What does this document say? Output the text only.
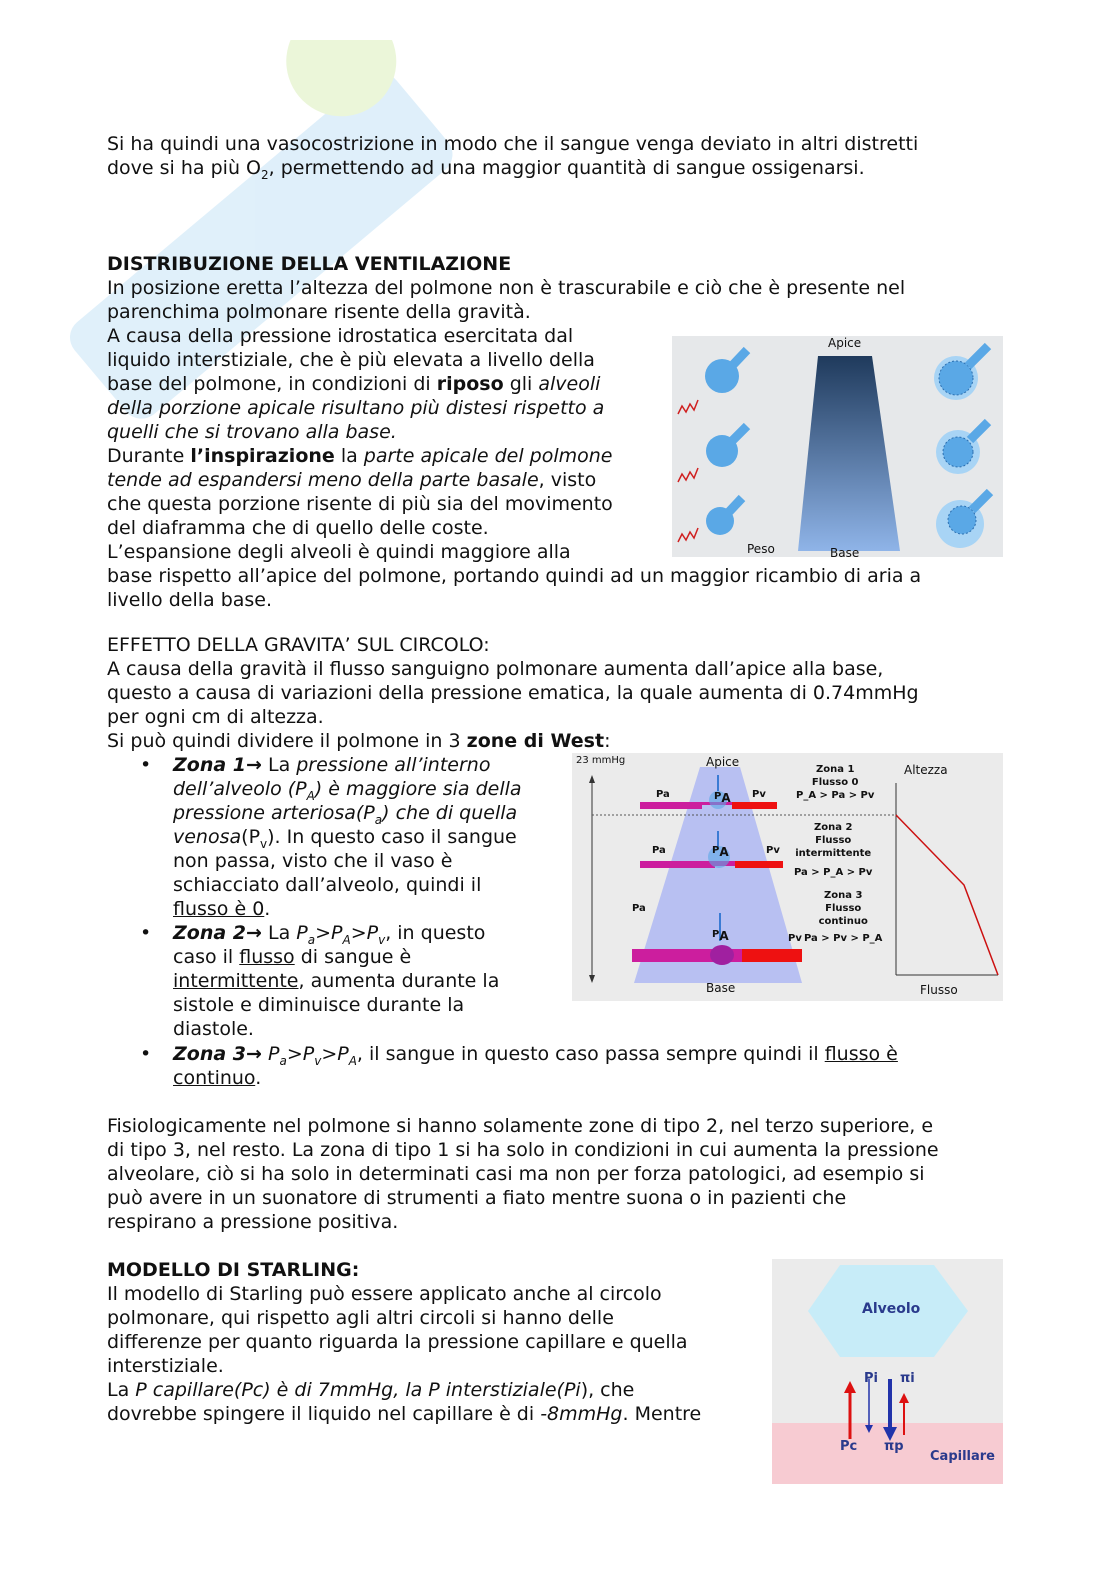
Si ha quindi una vasocostrizione in modo che il sangue venga deviato in altri distretti
dove si ha più $O_2$, permettendo ad una maggior quantità di sangue ossigenarsi.

DISTRIBUZIONE DELLA VENTILAZIONE
In posizione eretta l’altezza del polmone non è trascurabile e ciò che è presente nel
parenchima polmonare risente della gravità.
A causa della pressione idrostatica esercitata dal
liquido interstiziale, che è più elevata a livello della
base del polmone, in condizioni di riposo gli alveoli
della porzione apicale risultano più distesi rispetto a
quelli che si trovano alla base.
Durante l’inspirazione la parte apicale del polmone
tende ad espandersi meno della parte basale, visto
che questa porzione risente di più sia del movimento
del diaframma che di quello delle coste.
L’espansione degli alveoli è quindi maggiore alla
base rispetto all’apice del polmone, portando quindi ad un maggior ricambio di aria a
livello della base.

Apice
Peso	Base

EFFETTO DELLA GRAVITA’ SUL CIRCOLO:
A causa della gravità il flusso sanguigno polmonare aumenta dall’apice alla base,
questo a causa di variazioni della pressione ematica, la quale aumenta di 0.74mmHg
per ogni cm di altezza.
Si può quindi dividere il polmone in 3 zone di West:

• Zona 1→ La pressione all’interno
dell’alveolo $(P_A)$ è maggiore sia della
pressione $arteriosa(P_a)$ che di quella
$venosa(P_v)$. In questo caso il sangue
non passa, visto che il vaso è
schiacciato dall’alveolo, quindi il
flusso è 0.
• Zona 2→ La $P_a>P_A>P_v$, in questo
caso il flusso di sangue è
intermittente, aumenta durante la
sistole e diminuisce durante la
diastole.
• Zona $3\to P_a>P_v>P_A$, il sangue in questo caso passa sempre quindi il flusso è
continuo.
23 mmHg	Apice
Base
Altezza
Flusso
Pa	$P_A$ Pv
Pa	$P_A$	Pv
Pa
$P_A$	Pv
Zona 1
Flusso 0
P_A > Pa > Pv
Zona 2
Flusso
intermittente
Pa > P_A > Pv
Zona 3
Flusso
continuo
Pa > Pv > P_A

Fisiologicamente nel polmone si hanno solamente zone di tipo 2, nel terzo superiore, e
di tipo 3, nel resto. La zona di tipo 1 si ha solo in condizioni in cui aumenta la pressione
alveolare, ciò si ha solo in determinati casi ma non per forza patologici, ad esempio si
può avere in un suonatore di strumenti a fiato mentre suona o in pazienti che
respirano a pressione positiva.

MODELLO DI STARLING:
Il modello di Starling può essere applicato anche al circolo
polmonare, qui rispetto agli altri circoli si hanno delle
differenze per quanto riguarda la pressione capillare e quella
interstiziale.
La P capillare(Pc) è di 7mmHg, la P interstiziale(Pi), che
dovrebbe spingere il liquido nel capillare è di -8mmHg. Mentre

Alveolo
Pi πi
Pc πp
Capillare
